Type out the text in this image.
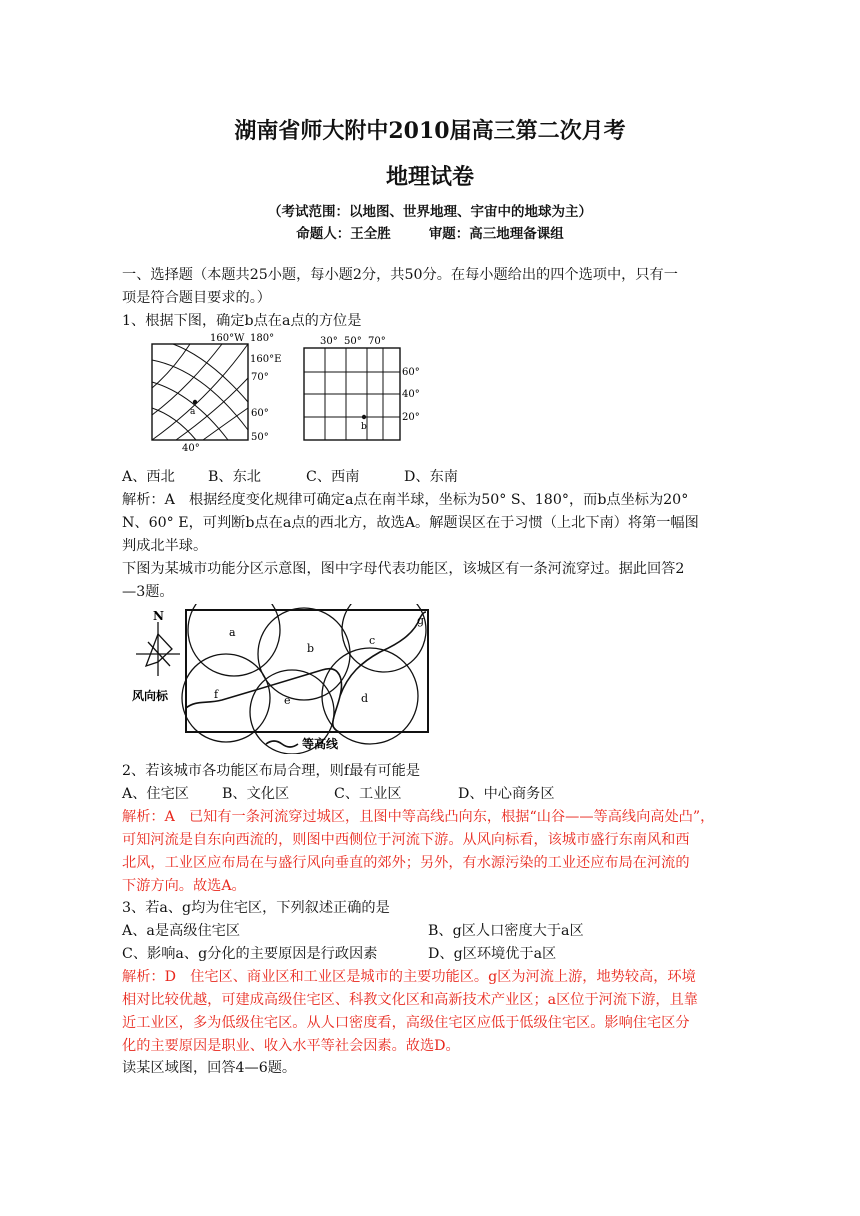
湖南省师大附中2010届高三第二次月考
地理试卷
（考试范围：以地图、世界地理、宇宙中的地球为主）
命题人：王全胜	审题：高三地理备课组
一、选择题（本题共25小题，每小题2分，共50分。在每小题给出的四个选项中，只有一
项是符合题目要求的。）
1、根据下图，确定b点在a点的方位是
a
160°W 180°
160°E
70°
60°
50°
40°
b
30° 50° 70°
60°
40°
20°
A、西北 B、东北	C、西南	D、东南
解析：A　根据经度变化规律可确定a点在南半球，坐标为50° S、180°，而b点坐标为20°
N、60° E，可判断b点在a点的西北方，故选A。解题误区在于习惯（上北下南）将第一幅图
判成北半球。
下图为某城市功能分区示意图，图中字母代表功能区，该城区有一条河流穿过。据此回答2
—3题。
N
风向标
等高线
a
b
c
d
e
f
g
2、若该城市各功能区布局合理，则f最有可能是
A、住宅区 B、文化区	C、工业区	D、中心商务区
解析：A　已知有一条河流穿过城区，且图中等高线凸向东，根据“山谷——等高线向高处凸”，
可知河流是自东向西流的，则图中西侧位于河流下游。从风向标看，该城市盛行东南风和西
北风，工业区应布局在与盛行风向垂直的郊外；另外，有水源污染的工业还应布局在河流的
下游方向。故选A。
3、若a、g均为住宅区，下列叙述正确的是
A、a是高级住宅区	B、g区人口密度大于a区
C、影响a、g分化的主要原因是行政因素	D、g区环境优于a区
解析：D　住宅区、商业区和工业区是城市的主要功能区。g区为河流上游，地势较高，环境
相对比较优越，可建成高级住宅区、科教文化区和高新技术产业区；a区位于河流下游，且靠
近工业区，多为低级住宅区。从人口密度看，高级住宅区应低于低级住宅区。影响住宅区分
化的主要原因是职业、收入水平等社会因素。故选D。
读某区域图，回答4—6题。
